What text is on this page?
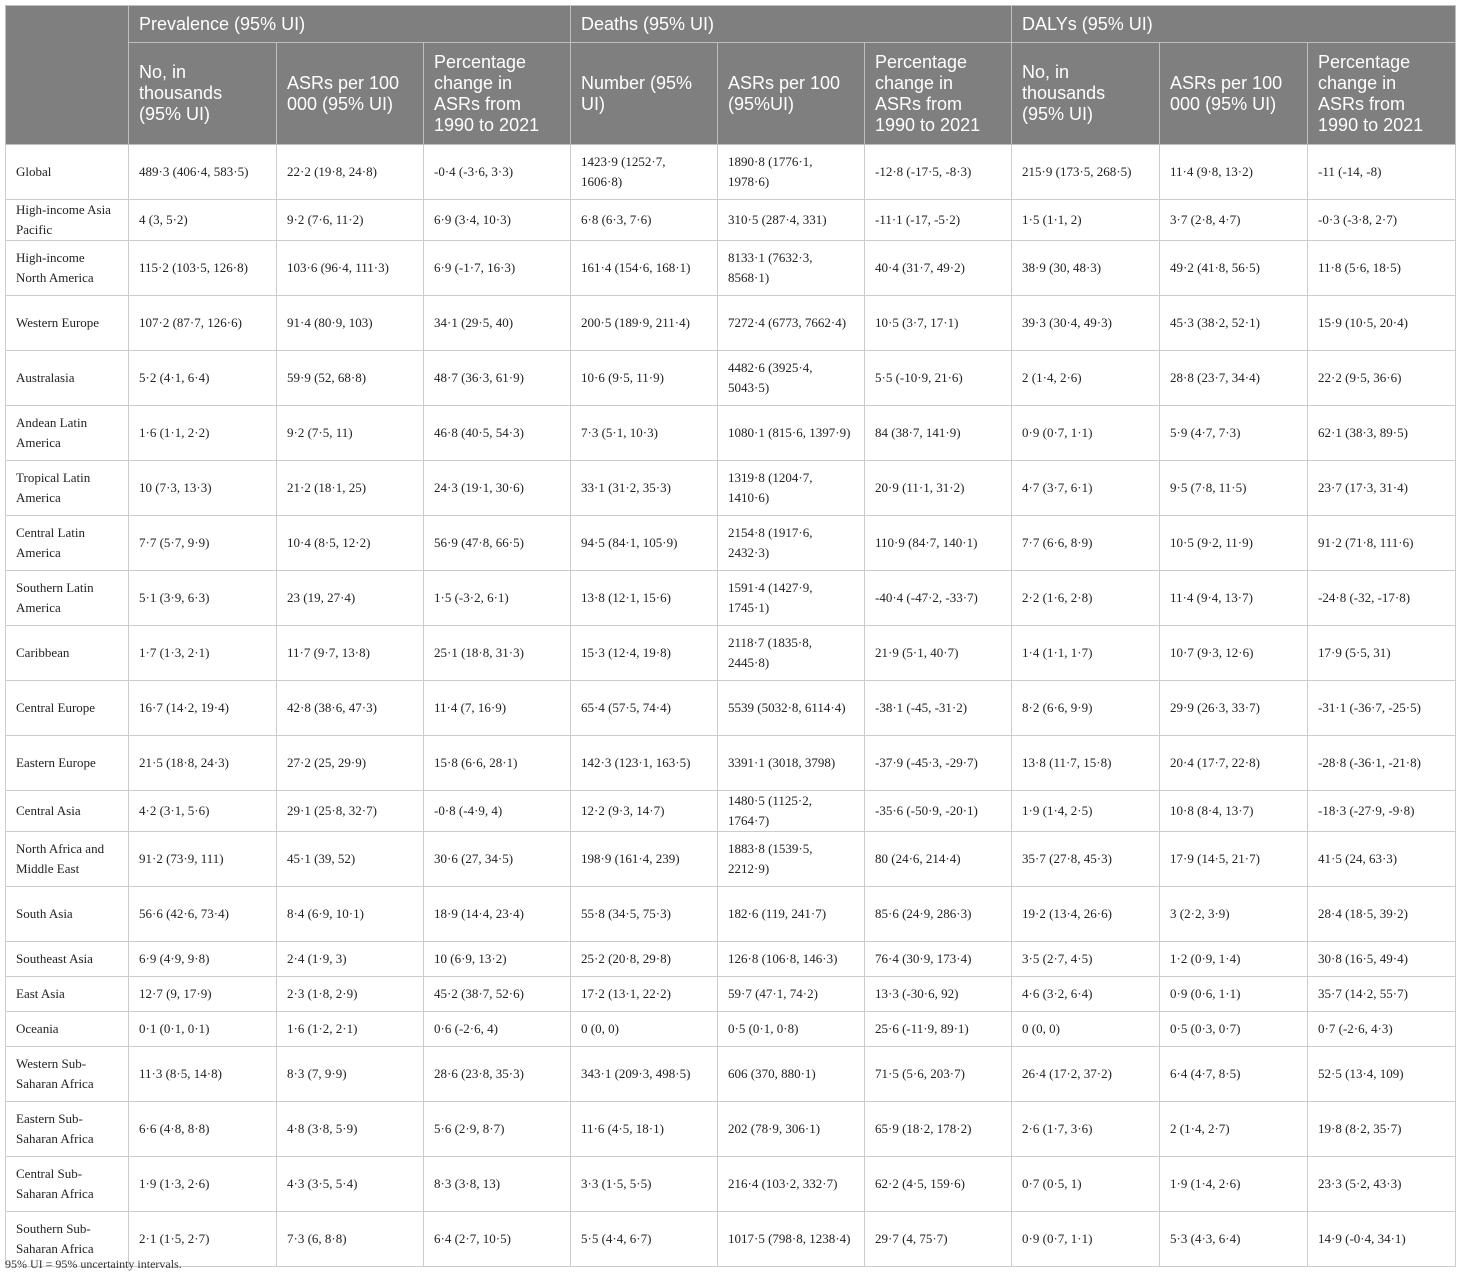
	Prevalence (95% UI)			Deaths (95% UI)			DALYs (95% UI)		
	No, in thousands (95% UI)	ASRs per 100 000 (95% UI)	Percentage change in ASRs from 1990 to 2021	Number (95% UI)	ASRs per 100 (95%UI)	Percentage change in ASRs from 1990 to 2021	No, in thousands (95% UI)	ASRs per 100 000 (95% UI)	Percentage change in ASRs from 1990 to 2021
Global	489·3 (406·4, 583·5)	22·2 (19·8, 24·8)	-0·4 (-3·6, 3·3)	1423·9 (1252·7, 1606·8)	1890·8 (1776·1, 1978·6)	-12·8 (-17·5, -8·3)	215·9 (173·5, 268·5)	11·4 (9·8, 13·2)	-11 (-14, -8)
High-income Asia Pacific	4 (3, 5·2)	9·2 (7·6, 11·2)	6·9 (3·4, 10·3)	6·8 (6·3, 7·6)	310·5 (287·4, 331)	-11·1 (-17, -5·2)	1·5 (1·1, 2)	3·7 (2·8, 4·7)	-0·3 (-3·8, 2·7)
High-income North America	115·2 (103·5, 126·8)	103·6 (96·4, 111·3)	6·9 (-1·7, 16·3)	161·4 (154·6, 168·1)	8133·1 (7632·3, 8568·1)	40·4 (31·7, 49·2)	38·9 (30, 48·3)	49·2 (41·8, 56·5)	11·8 (5·6, 18·5)
Western Europe	107·2 (87·7, 126·6)	91·4 (80·9, 103)	34·1 (29·5, 40)	200·5 (189·9, 211·4)	7272·4 (6773, 7662·4)	10·5 (3·7, 17·1)	39·3 (30·4, 49·3)	45·3 (38·2, 52·1)	15·9 (10·5, 20·4)
Australasia	5·2 (4·1, 6·4)	59·9 (52, 68·8)	48·7 (36·3, 61·9)	10·6 (9·5, 11·9)	4482·6 (3925·4, 5043·5)	5·5 (-10·9, 21·6)	2 (1·4, 2·6)	28·8 (23·7, 34·4)	22·2 (9·5, 36·6)
Andean Latin America	1·6 (1·1, 2·2)	9·2 (7·5, 11)	46·8 (40·5, 54·3)	7·3 (5·1, 10·3)	1080·1 (815·6, 1397·9)	84 (38·7, 141·9)	0·9 (0·7, 1·1)	5·9 (4·7, 7·3)	62·1 (38·3, 89·5)
Tropical Latin America	10 (7·3, 13·3)	21·2 (18·1, 25)	24·3 (19·1, 30·6)	33·1 (31·2, 35·3)	1319·8 (1204·7, 1410·6)	20·9 (11·1, 31·2)	4·7 (3·7, 6·1)	9·5 (7·8, 11·5)	23·7 (17·3, 31·4)
Central Latin America	7·7 (5·7, 9·9)	10·4 (8·5, 12·2)	56·9 (47·8, 66·5)	94·5 (84·1, 105·9)	2154·8 (1917·6, 2432·3)	110·9 (84·7, 140·1)	7·7 (6·6, 8·9)	10·5 (9·2, 11·9)	91·2 (71·8, 111·6)
Southern Latin America	5·1 (3·9, 6·3)	23 (19, 27·4)	1·5 (-3·2, 6·1)	13·8 (12·1, 15·6)	1591·4 (1427·9, 1745·1)	-40·4 (-47·2, -33·7)	2·2 (1·6, 2·8)	11·4 (9·4, 13·7)	-24·8 (-32, -17·8)
Caribbean	1·7 (1·3, 2·1)	11·7 (9·7, 13·8)	25·1 (18·8, 31·3)	15·3 (12·4, 19·8)	2118·7 (1835·8, 2445·8)	21·9 (5·1, 40·7)	1·4 (1·1, 1·7)	10·7 (9·3, 12·6)	17·9 (5·5, 31)
Central Europe	16·7 (14·2, 19·4)	42·8 (38·6, 47·3)	11·4 (7, 16·9)	65·4 (57·5, 74·4)	5539 (5032·8, 6114·4)	-38·1 (-45, -31·2)	8·2 (6·6, 9·9)	29·9 (26·3, 33·7)	-31·1 (-36·7, -25·5)
Eastern Europe	21·5 (18·8, 24·3)	27·2 (25, 29·9)	15·8 (6·6, 28·1)	142·3 (123·1, 163·5)	3391·1 (3018, 3798)	-37·9 (-45·3, -29·7)	13·8 (11·7, 15·8)	20·4 (17·7, 22·8)	-28·8 (-36·1, -21·8)
Central Asia	4·2 (3·1, 5·6)	29·1 (25·8, 32·7)	-0·8 (-4·9, 4)	12·2 (9·3, 14·7)	1480·5 (1125·2, 1764·7)	-35·6 (-50·9, -20·1)	1·9 (1·4, 2·5)	10·8 (8·4, 13·7)	-18·3 (-27·9, -9·8)
North Africa and Middle East	91·2 (73·9, 111)	45·1 (39, 52)	30·6 (27, 34·5)	198·9 (161·4, 239)	1883·8 (1539·5, 2212·9)	80 (24·6, 214·4)	35·7 (27·8, 45·3)	17·9 (14·5, 21·7)	41·5 (24, 63·3)
South Asia	56·6 (42·6, 73·4)	8·4 (6·9, 10·1)	18·9 (14·4, 23·4)	55·8 (34·5, 75·3)	182·6 (119, 241·7)	85·6 (24·9, 286·3)	19·2 (13·4, 26·6)	3 (2·2, 3·9)	28·4 (18·5, 39·2)
Southeast Asia	6·9 (4·9, 9·8)	2·4 (1·9, 3)	10 (6·9, 13·2)	25·2 (20·8, 29·8)	126·8 (106·8, 146·3)	76·4 (30·9, 173·4)	3·5 (2·7, 4·5)	1·2 (0·9, 1·4)	30·8 (16·5, 49·4)
East Asia	12·7 (9, 17·9)	2·3 (1·8, 2·9)	45·2 (38·7, 52·6)	17·2 (13·1, 22·2)	59·7 (47·1, 74·2)	13·3 (-30·6, 92)	4·6 (3·2, 6·4)	0·9 (0·6, 1·1)	35·7 (14·2, 55·7)
Oceania	0·1 (0·1, 0·1)	1·6 (1·2, 2·1)	0·6 (-2·6, 4)	0 (0, 0)	0·5 (0·1, 0·8)	25·6 (-11·9, 89·1)	0 (0, 0)	0·5 (0·3, 0·7)	0·7 (-2·6, 4·3)
Western Sub-Saharan Africa	11·3 (8·5, 14·8)	8·3 (7, 9·9)	28·6 (23·8, 35·3)	343·1 (209·3, 498·5)	606 (370, 880·1)	71·5 (5·6, 203·7)	26·4 (17·2, 37·2)	6·4 (4·7, 8·5)	52·5 (13·4, 109)
Eastern Sub-Saharan Africa	6·6 (4·8, 8·8)	4·8 (3·8, 5·9)	5·6 (2·9, 8·7)	11·6 (4·5, 18·1)	202 (78·9, 306·1)	65·9 (18·2, 178·2)	2·6 (1·7, 3·6)	2 (1·4, 2·7)	19·8 (8·2, 35·7)
Central Sub-Saharan Africa	1·9 (1·3, 2·6)	4·3 (3·5, 5·4)	8·3 (3·8, 13)	3·3 (1·5, 5·5)	216·4 (103·2, 332·7)	62·2 (4·5, 159·6)	0·7 (0·5, 1)	1·9 (1·4, 2·6)	23·3 (5·2, 43·3)
Southern Sub-Saharan Africa	2·1 (1·5, 2·7)	7·3 (6, 8·8)	6·4 (2·7, 10·5)	5·5 (4·4, 6·7)	1017·5 (798·8, 1238·4)	29·7 (4, 75·7)	0·9 (0·7, 1·1)	5·3 (4·3, 6·4)	14·9 (-0·4, 34·1)
95% UI = 95% uncertainty intervals.
